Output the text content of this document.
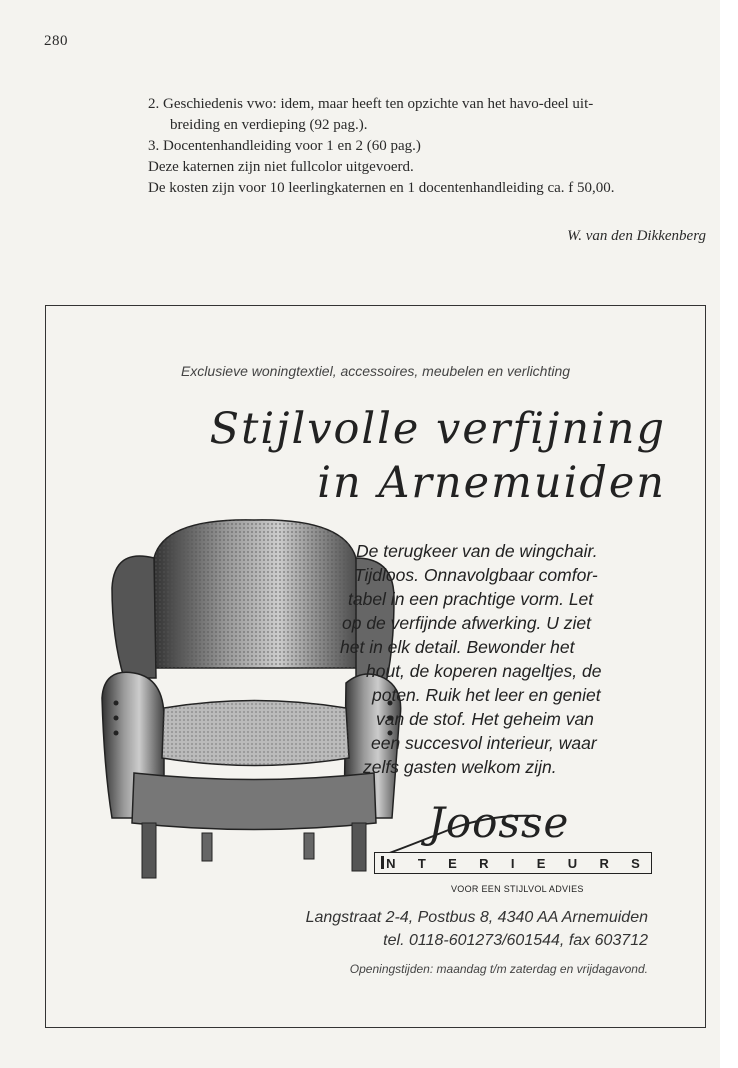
280

2. Geschiedenis vwo: idem, maar heeft ten opzichte van het havo-deel uit-

breiding en verdieping (92 pag.).

3. Docentenhandleiding voor 1 en 2 (60 pag.)

Deze katernen zijn niet fullcolor uitgevoerd.

De kosten zijn voor 10 leerlingkaternen en 1 docentenhandleiding ca. f 50,00.

W. van den Dikkenberg
Exclusieve woningtextiel, accessoires, meubelen en verlichting
Stijlvolle verfijning
in Arnemuiden
De terugkeer van de wingchair.
Tijdloos. Onnavolgbaar comfor-
tabel in een prachtige vorm. Let
op de verfijnde afwerking. U ziet
het in elk detail. Bewonder het
hout, de koperen nageltjes, de
poten. Ruik het leer en geniet
van de stof. Het geheim van
een succesvol interieur, waar
zelfs gasten welkom zijn.
Joosse
N T E R I E U R S
VOOR EEN STIJLVOL ADVIES
Langstraat 2-4, Postbus 8, 4340 AA Arnemuiden
tel. 0118-601273/601544, fax 603712
Openingstijden: maandag t/m zaterdag en vrijdagavond.
